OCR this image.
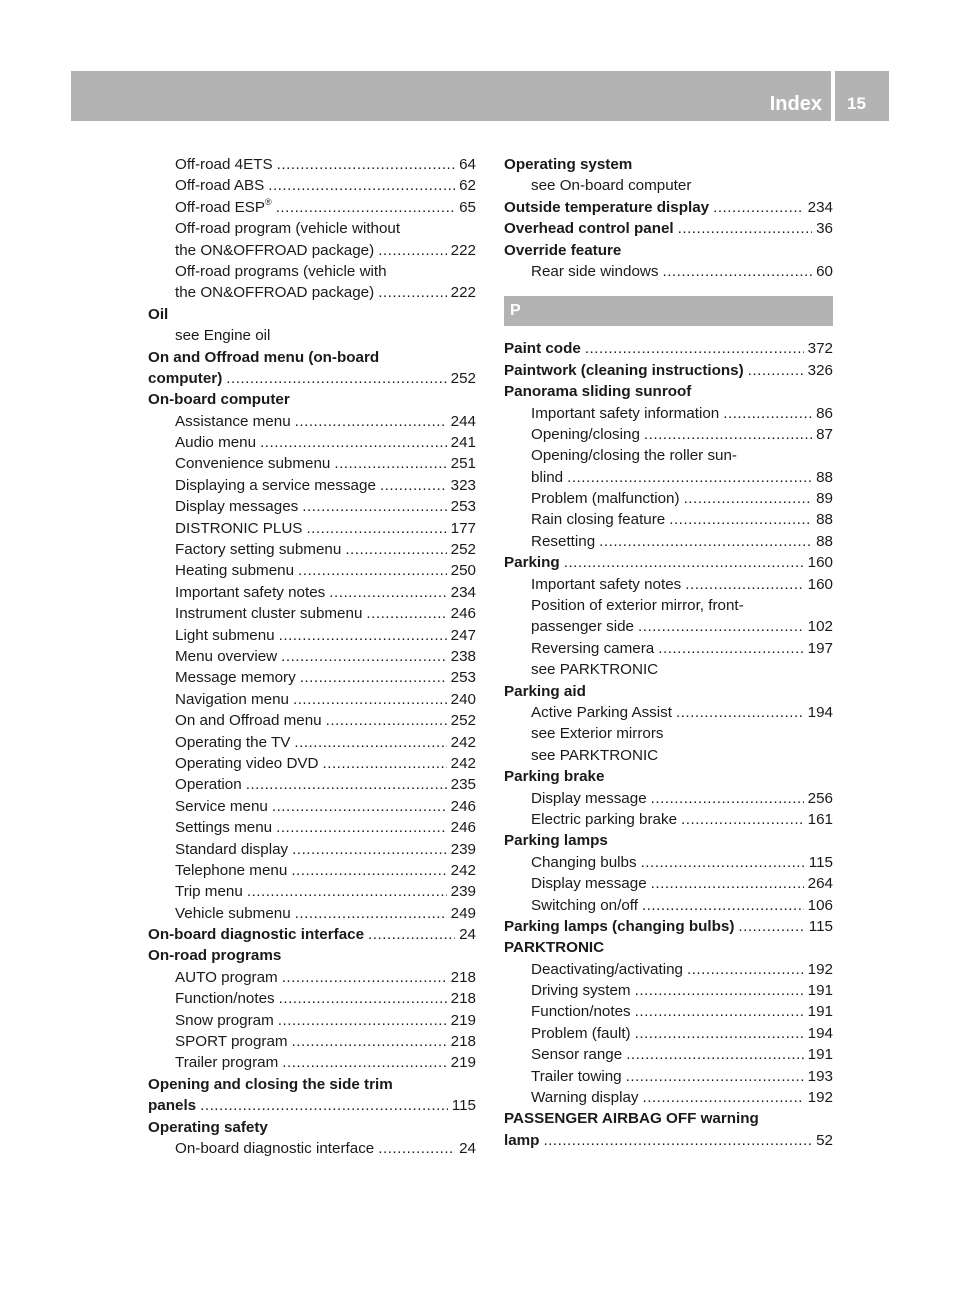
Index	15
Off-road 4ETS .....	64
Off-road ABS .....	62
Off-road ESP® .....	65
Off-road program (vehicle without
the ON&OFFROAD package) .....	222
Off-road programs (vehicle with
the ON&OFFROAD package) .....	222
Oil
see Engine oil
On and Offroad menu (on-board
computer) .....	252
On-board computer
Assistance menu .....	244
Audio menu .....	241
Convenience submenu .....	251
Displaying a service message .....	323
Display messages .....	253
DISTRONIC PLUS .....	177
Factory setting submenu .....	252
Heating submenu .....	250
Important safety notes .....	234
Instrument cluster submenu .....	246
Light submenu .....	247
Menu overview .....	238
Message memory .....	253
Navigation menu .....	240
On and Offroad menu .....	252
Operating the TV .....	242
Operating video DVD .....	242
Operation .....	235
Service menu .....	246
Settings menu .....	246
Standard display .....	239
Telephone menu .....	242
Trip menu .....	239
Vehicle submenu .....	249
On-board diagnostic interface .....	24
On-road programs
AUTO program .....	218
Function/notes .....	218
Snow program .....	219
SPORT program .....	218
Trailer program .....	219
Opening and closing the side trim
panels .....	115
Operating safety
On-board diagnostic interface .....	24
Operating system
see On-board computer
Outside temperature display .....	234
Overhead control panel .....	36
Override feature
Rear side windows .....	60
P
Paint code .....	372
Paintwork (cleaning instructions) .....	326
Panorama sliding sunroof
Important safety information .....	86
Opening/closing .....	87
Opening/closing the roller sun-
blind .....	88
Problem (malfunction) .....	89
Rain closing feature .....	88
Resetting .....	88
Parking .....	160
Important safety notes .....	160
Position of exterior mirror, front-
passenger side .....	102
Reversing camera .....	197
see PARKTRONIC
Parking aid
Active Parking Assist .....	194
see Exterior mirrors
see PARKTRONIC
Parking brake
Display message .....	256
Electric parking brake .....	161
Parking lamps
Changing bulbs .....	115
Display message .....	264
Switching on/off .....	106
Parking lamps (changing bulbs) .....	115
PARKTRONIC
Deactivating/activating .....	192
Driving system .....	191
Function/notes .....	191
Problem (fault) .....	194
Sensor range .....	191
Trailer towing .....	193
Warning display .....	192
PASSENGER AIRBAG OFF warning
lamp .....	52
